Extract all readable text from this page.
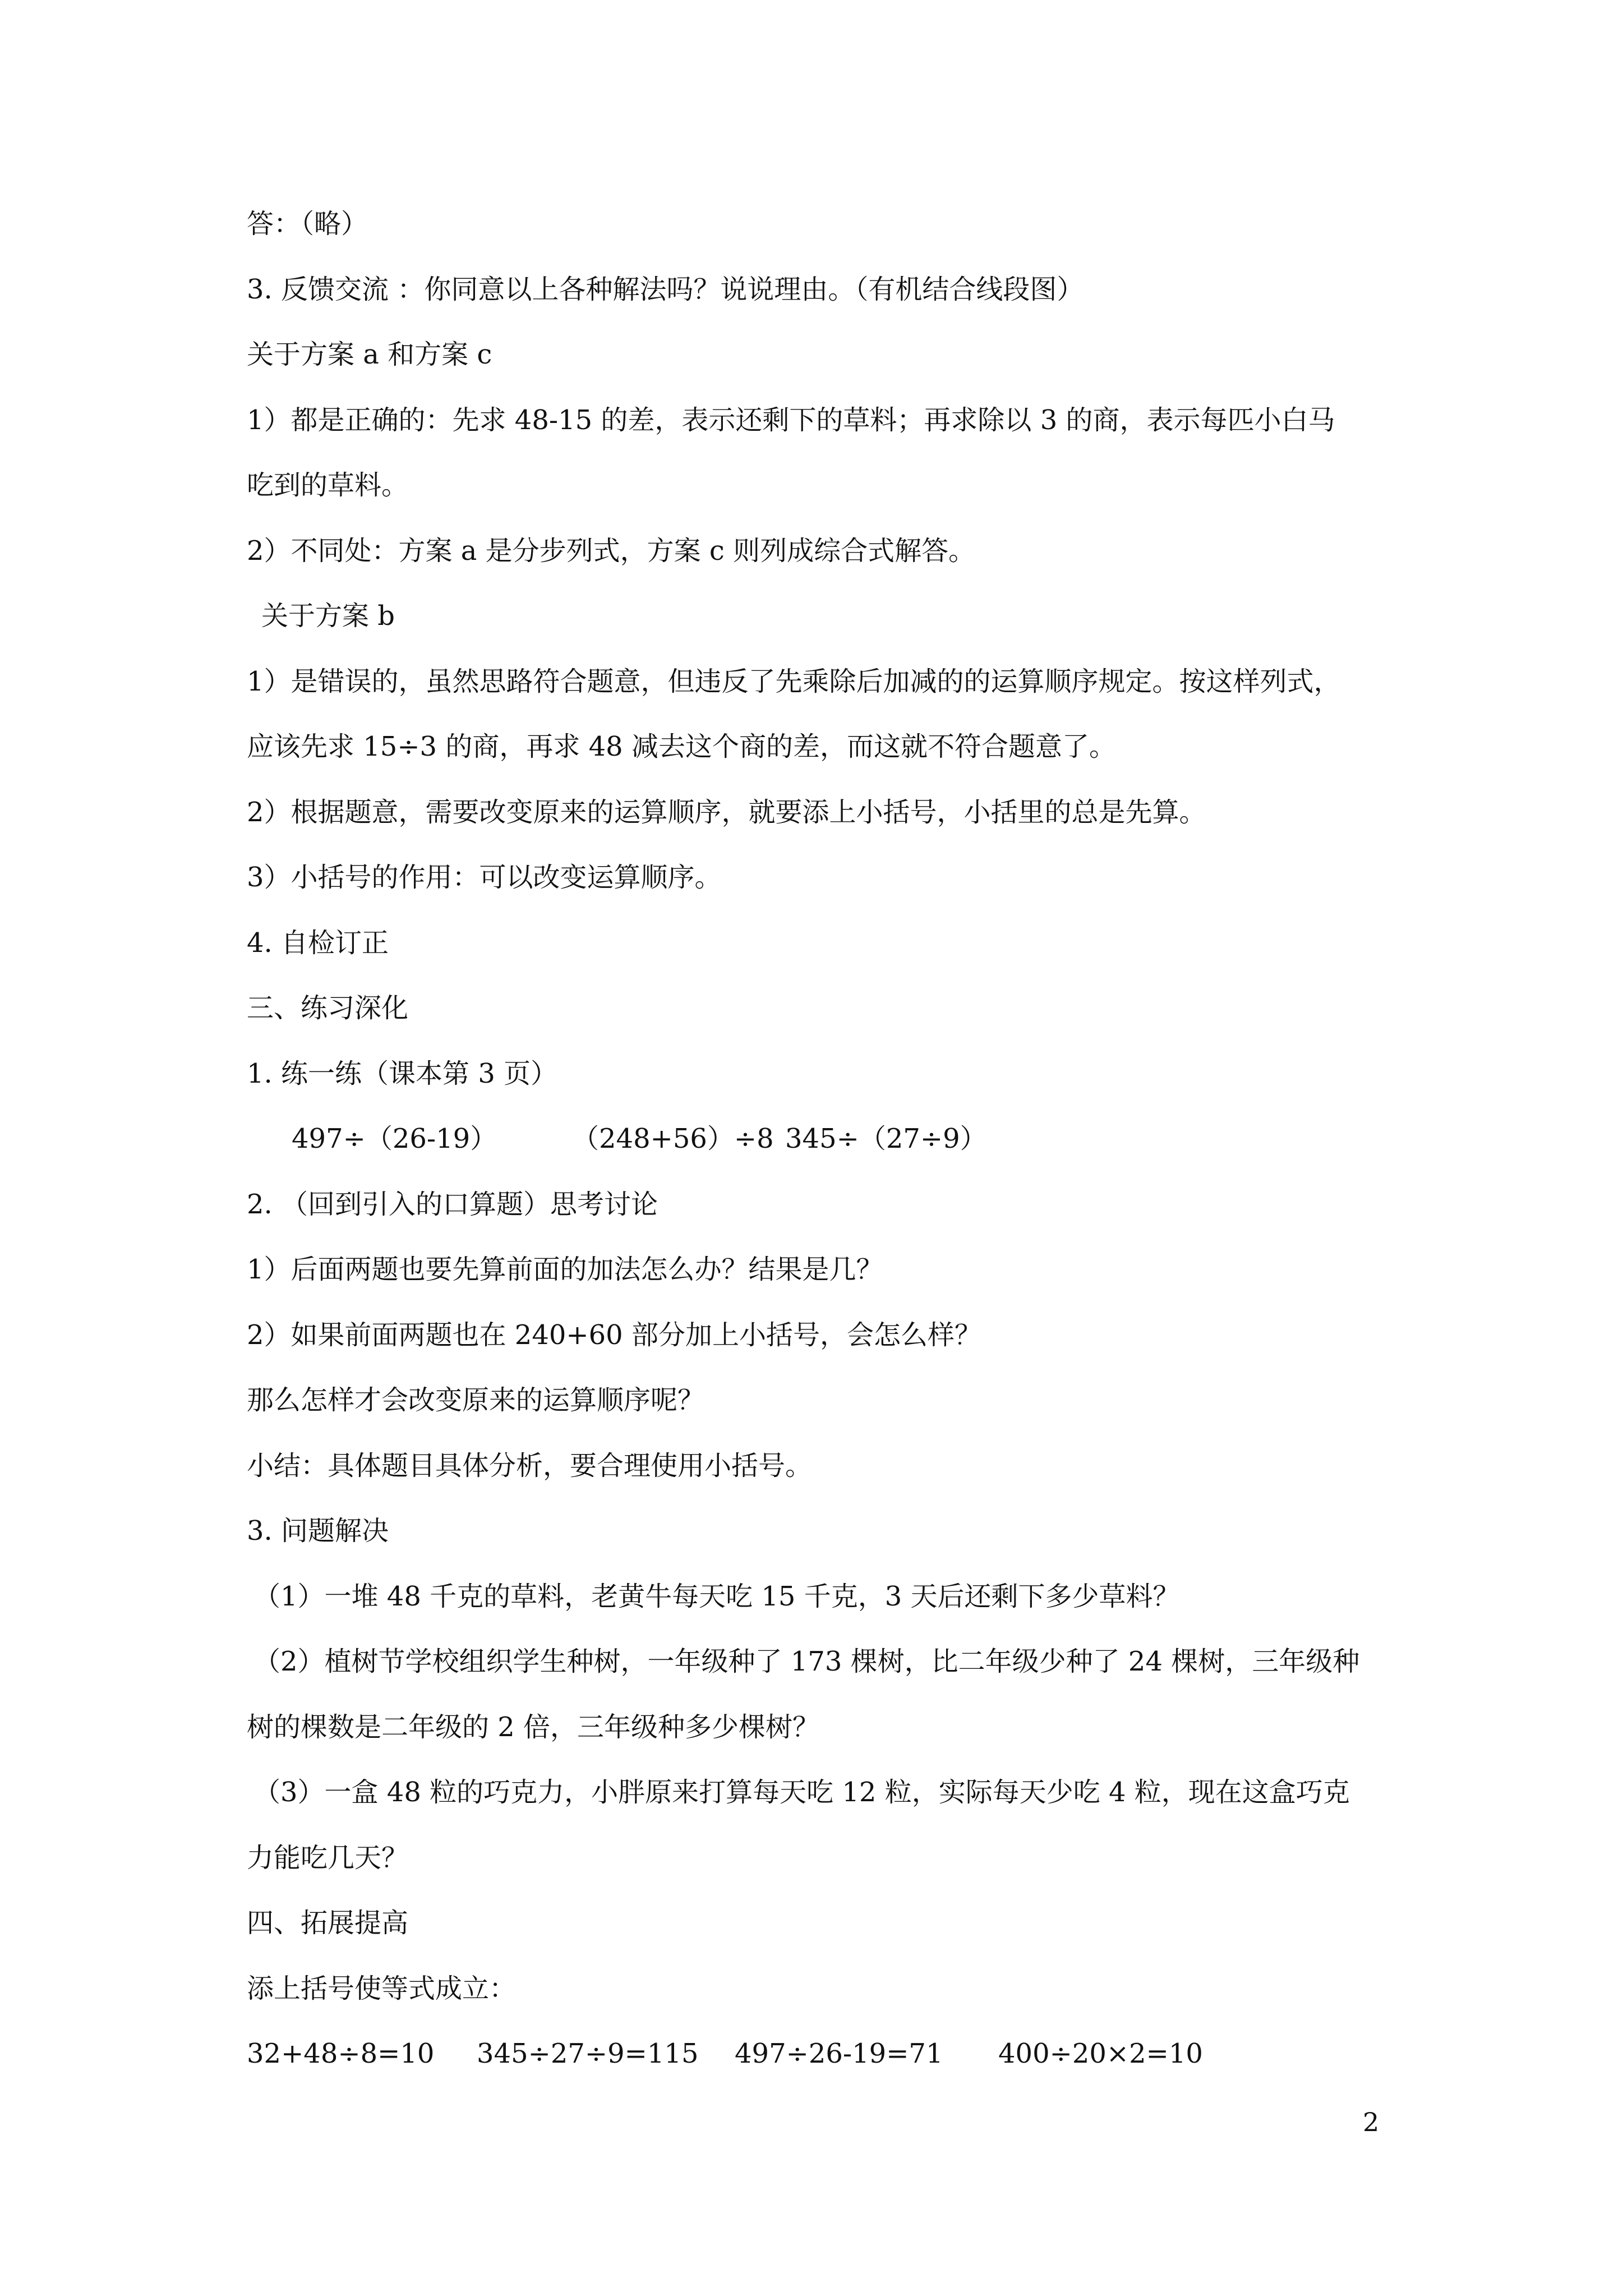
答：（略）
3. 反馈交流 ：你同意以上各种解法吗？说说理由。（有机结合线段图）
关于方案 a 和方案 c
1）都是正确的：先求 48-15 的差，表示还剩下的草料；再求除以 3 的商，表示每匹小白马
吃到的草料。
2）不同处：方案 a 是分步列式，方案 c 则列成综合式解答。
关于方案 b
1）是错误的，虽然思路符合题意，但违反了先乘除后加减的的运算顺序规定。按这样列式，
应该先求 15÷3 的商，再求 48 减去这个商的差，而这就不符合题意了。
2）根据题意，需要改变原来的运算顺序，就要添上小括号，小括里的总是先算。
3）小括号的作用：可以改变运算顺序。
4. 自检订正
三、练习深化
1. 练一练（课本第 3 页）
497÷（26-19）	（248+56）÷8 345÷（27÷9）
2. （回到引入的口算题）思考讨论
1）后面两题也要先算前面的加法怎么办？结果是几？
2）如果前面两题也在 240+60 部分加上小括号，会怎么样？
那么怎样才会改变原来的运算顺序呢？
小结：具体题目具体分析，要合理使用小括号。
3. 问题解决
（1）一堆 48 千克的草料，老黄牛每天吃 15 千克，3 天后还剩下多少草料？
（2）植树节学校组织学生种树，一年级种了 173 棵树，比二年级少种了 24 棵树，三年级种
树的棵数是二年级的 2 倍，三年级种多少棵树？
（3）一盒 48 粒的巧克力，小胖原来打算每天吃 12 粒，实际每天少吃 4 粒，现在这盒巧克
力能吃几天？
四、拓展提高
添上括号使等式成立：
32+48÷8=10	345÷27÷9=115	497÷26-19=71	400÷20×2=10
2
